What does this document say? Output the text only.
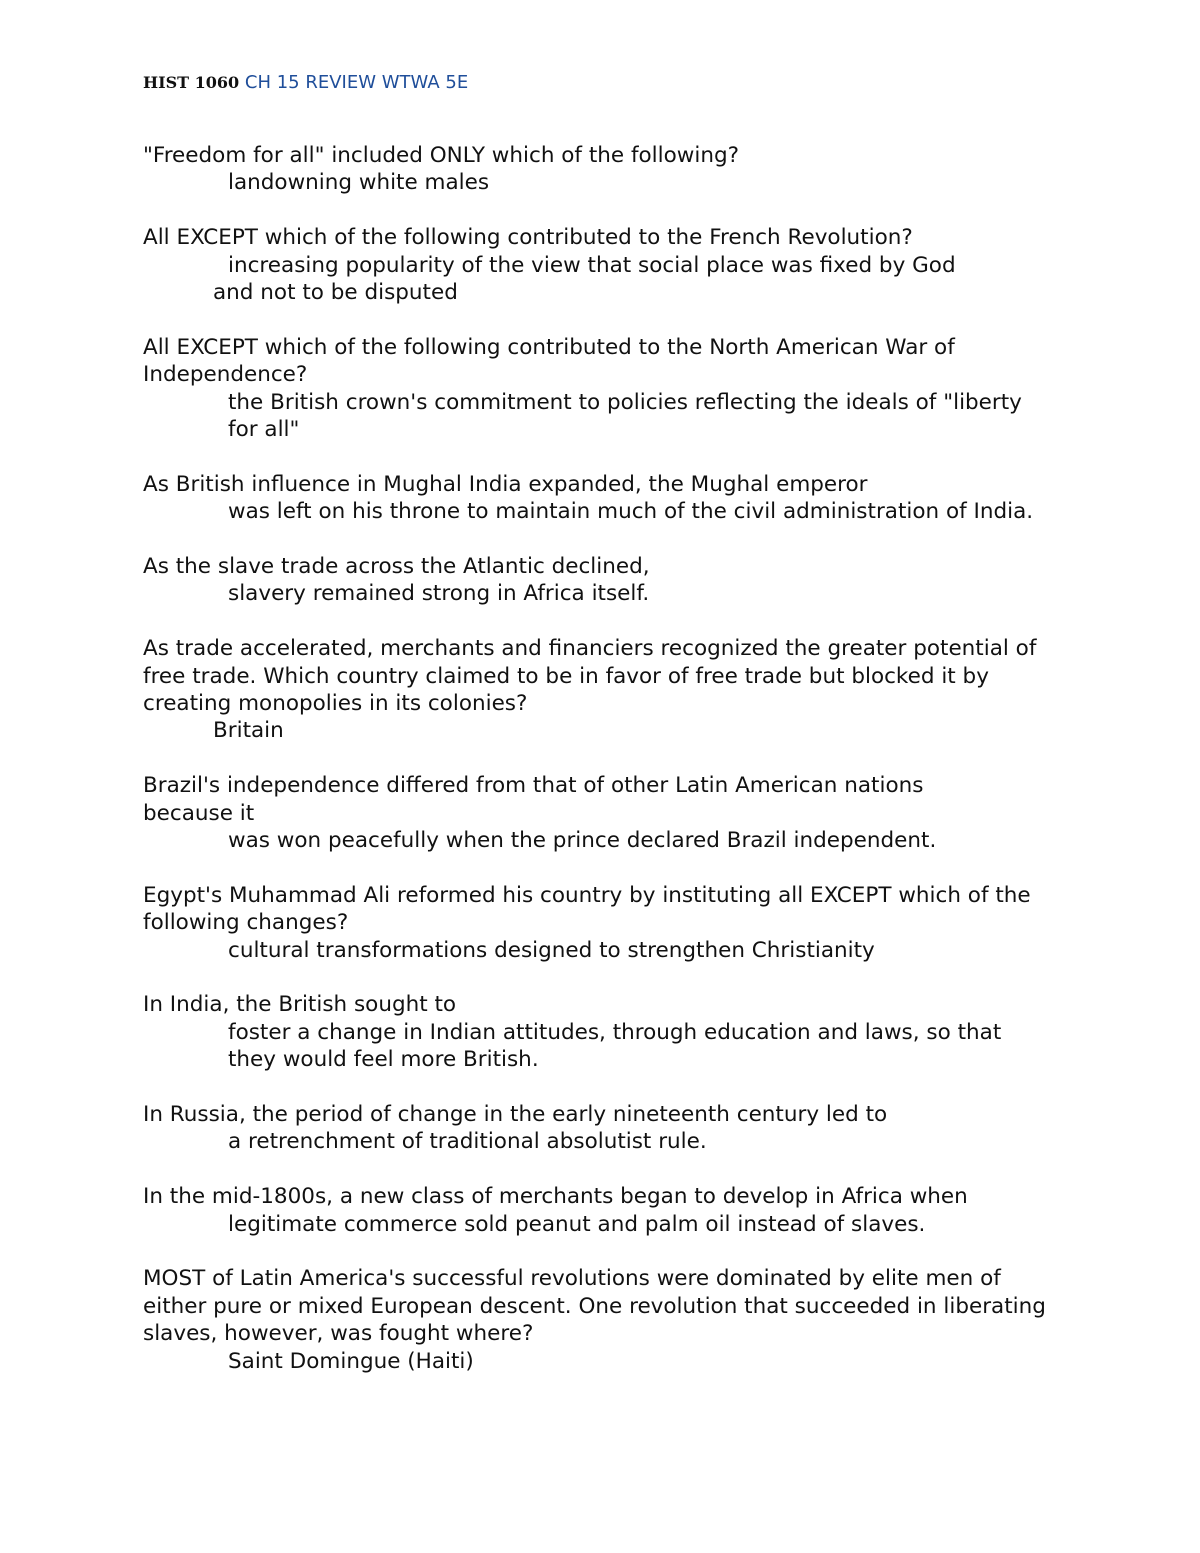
HIST 1060 CH 15 REVIEW WTWA 5E
"Freedom for all" included ONLY which of the following?
landowning white males
All EXCEPT which of the following contributed to the French Revolution?
increasing popularity of the view that social place was fixed by God
and not to be disputed
All EXCEPT which of the following contributed to the North American War of Independence?
the British crown's commitment to policies reflecting the ideals of "liberty for all"
As British influence in Mughal India expanded, the Mughal emperor
was left on his throne to maintain much of the civil administration of India.
As the slave trade across the Atlantic declined,
slavery remained strong in Africa itself.
As trade accelerated, merchants and financiers recognized the greater potential of free trade. Which country claimed to be in favor of free trade but blocked it by creating monopolies in its colonies?
Britain
Brazil's independence differed from that of other Latin American nations because it
was won peacefully when the prince declared Brazil independent.
Egypt's Muhammad Ali reformed his country by instituting all EXCEPT which of the following changes?
cultural transformations designed to strengthen Christianity
In India, the British sought to
foster a change in Indian attitudes, through education and laws, so that they would feel more British.
In Russia, the period of change in the early nineteenth century led to
a retrenchment of traditional absolutist rule.
In the mid-1800s, a new class of merchants began to develop in Africa when
legitimate commerce sold peanut and palm oil instead of slaves.
MOST of Latin America's successful revolutions were dominated by elite men of either pure or mixed European descent. One revolution that succeeded in liberating slaves, however, was fought where?
Saint Domingue (Haiti)
